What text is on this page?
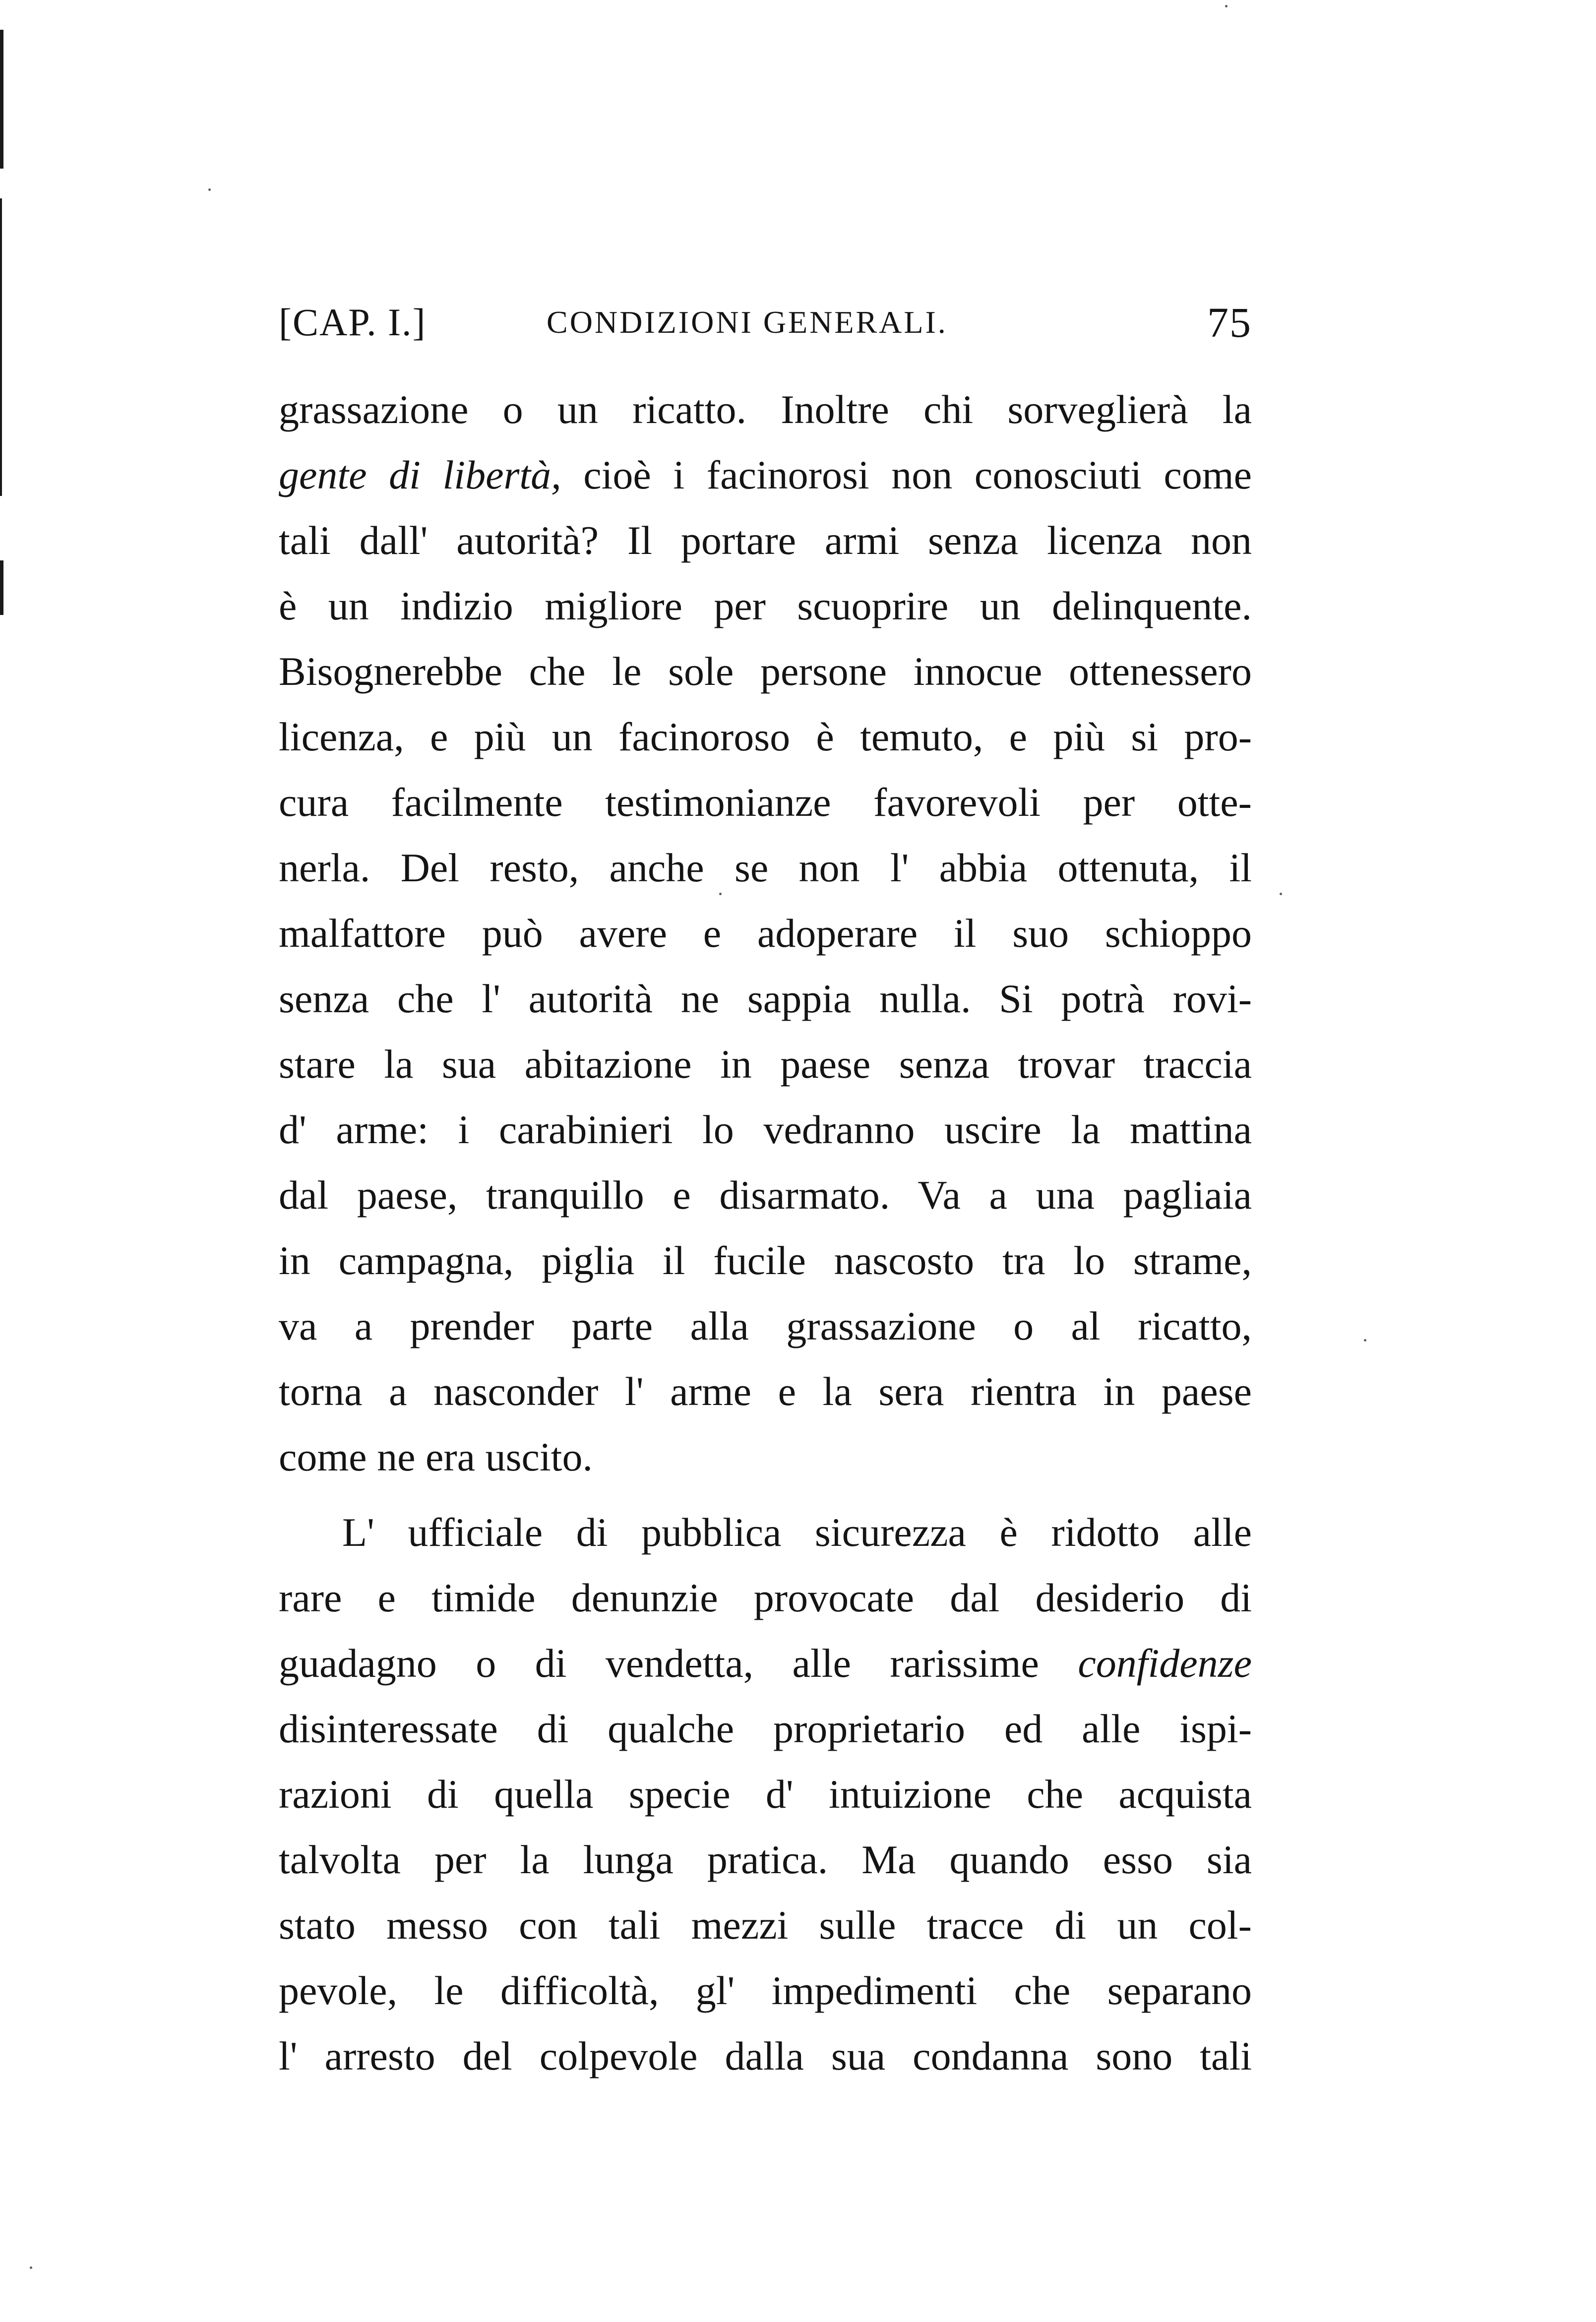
[CAP. I.]	CONDIZIONI GENERALI.	75
grassazione o un ricatto. Inoltre chi sorveglierà la
gente di libertà, cioè i facinorosi non conosciuti come
tali dall' autorità? Il portare armi senza licenza non
è un indizio migliore per scuoprire un delinquente.
Bisognerebbe che le sole persone innocue ottenessero
licenza, e più un facinoroso è temuto, e più si pro-
cura facilmente testimonianze favorevoli per otte-
nerla. Del resto, anche se non l' abbia ottenuta, il
malfattore può avere e adoperare il suo schioppo
senza che l' autorità ne sappia nulla. Si potrà rovi-
stare la sua abitazione in paese senza trovar traccia
d' arme: i carabinieri lo vedranno uscire la mattina
dal paese, tranquillo e disarmato. Va a una pagliaia
in campagna, piglia il fucile nascosto tra lo strame,
va a prender parte alla grassazione o al ricatto,
torna a nasconder l' arme e la sera rientra in paese
come ne era uscito.
L' ufficiale di pubblica sicurezza è ridotto alle
rare e timide denunzie provocate dal desiderio di
guadagno o di vendetta, alle rarissime confidenze
disinteressate di qualche proprietario ed alle ispi-
razioni di quella specie d' intuizione che acquista
talvolta per la lunga pratica. Ma quando esso sia
stato messo con tali mezzi sulle tracce di un col-
pevole, le difficoltà, gl' impedimenti che separano
l' arresto del colpevole dalla sua condanna sono tali
